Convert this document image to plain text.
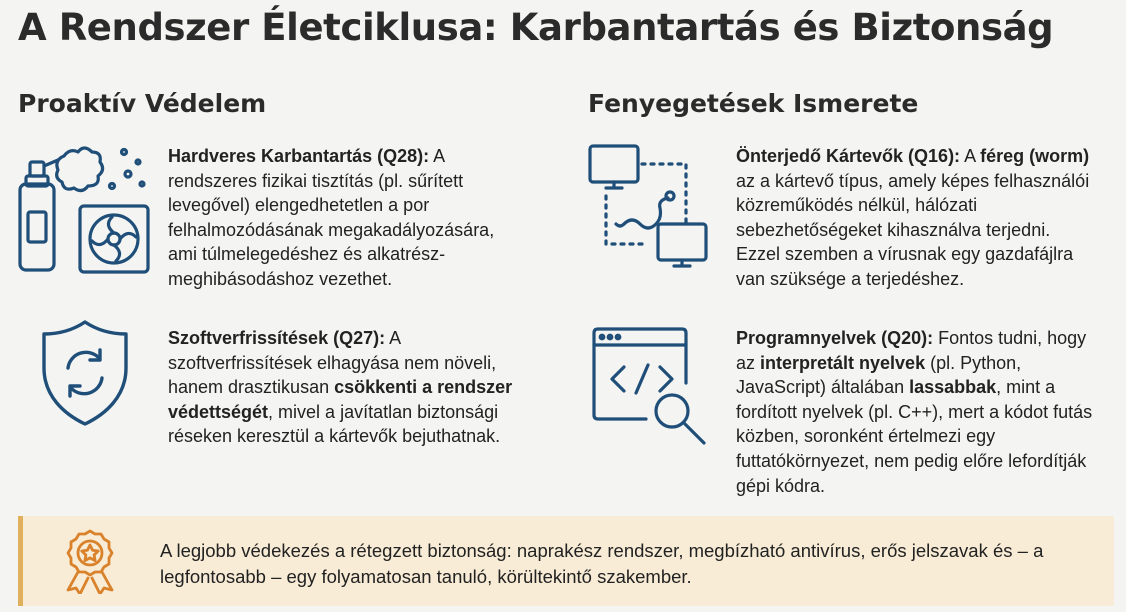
A Rendszer Életciklusa: Karbantartás és Biztonság
Proaktív Védelem	Fenyegetések Ismerete
Hardveres Karbantartás (Q28): A rendszeres fizikai tisztítás (pl. sűrített levegővel) elengedhetetlen a por felhalmozódásának megakadályozására, ami túlmelegedéshez és alkatrész-meghibásodáshoz vezethet.
Szoftverfrissítések (Q27): A szoftverfrissítések elhagyása nem növeli, hanem drasztikusan csökkenti a rendszer védettségét, mivel a javítatlan biztonsági réseken keresztül a kártevők bejuthatnak.
Önterjedő Kártevők (Q16): A féreg (worm) az a kártevő típus, amely képes felhasználói közreműködés nélkül, hálózati sebezhetőségeket kihasználva terjedni. Ezzel szemben a vírusnak egy gazdafájlra van szüksége a terjedéshez.
Programnyelvek (Q20): Fontos tudni, hogy az interpretált nyelvek (pl. Python, JavaScript) általában lassabbak, mint a fordított nyelvek (pl. C++), mert a kódot futás közben, soronként értelmezi egy futtatókörnyezet, nem pedig előre lefordítják gépi kódra.
A legjobb védekezés a rétegzett biztonság: naprakész rendszer, megbízható antivírus, erős jelszavak és – a legfontosabb – egy folyamatosan tanuló, körültekintő szakember.
